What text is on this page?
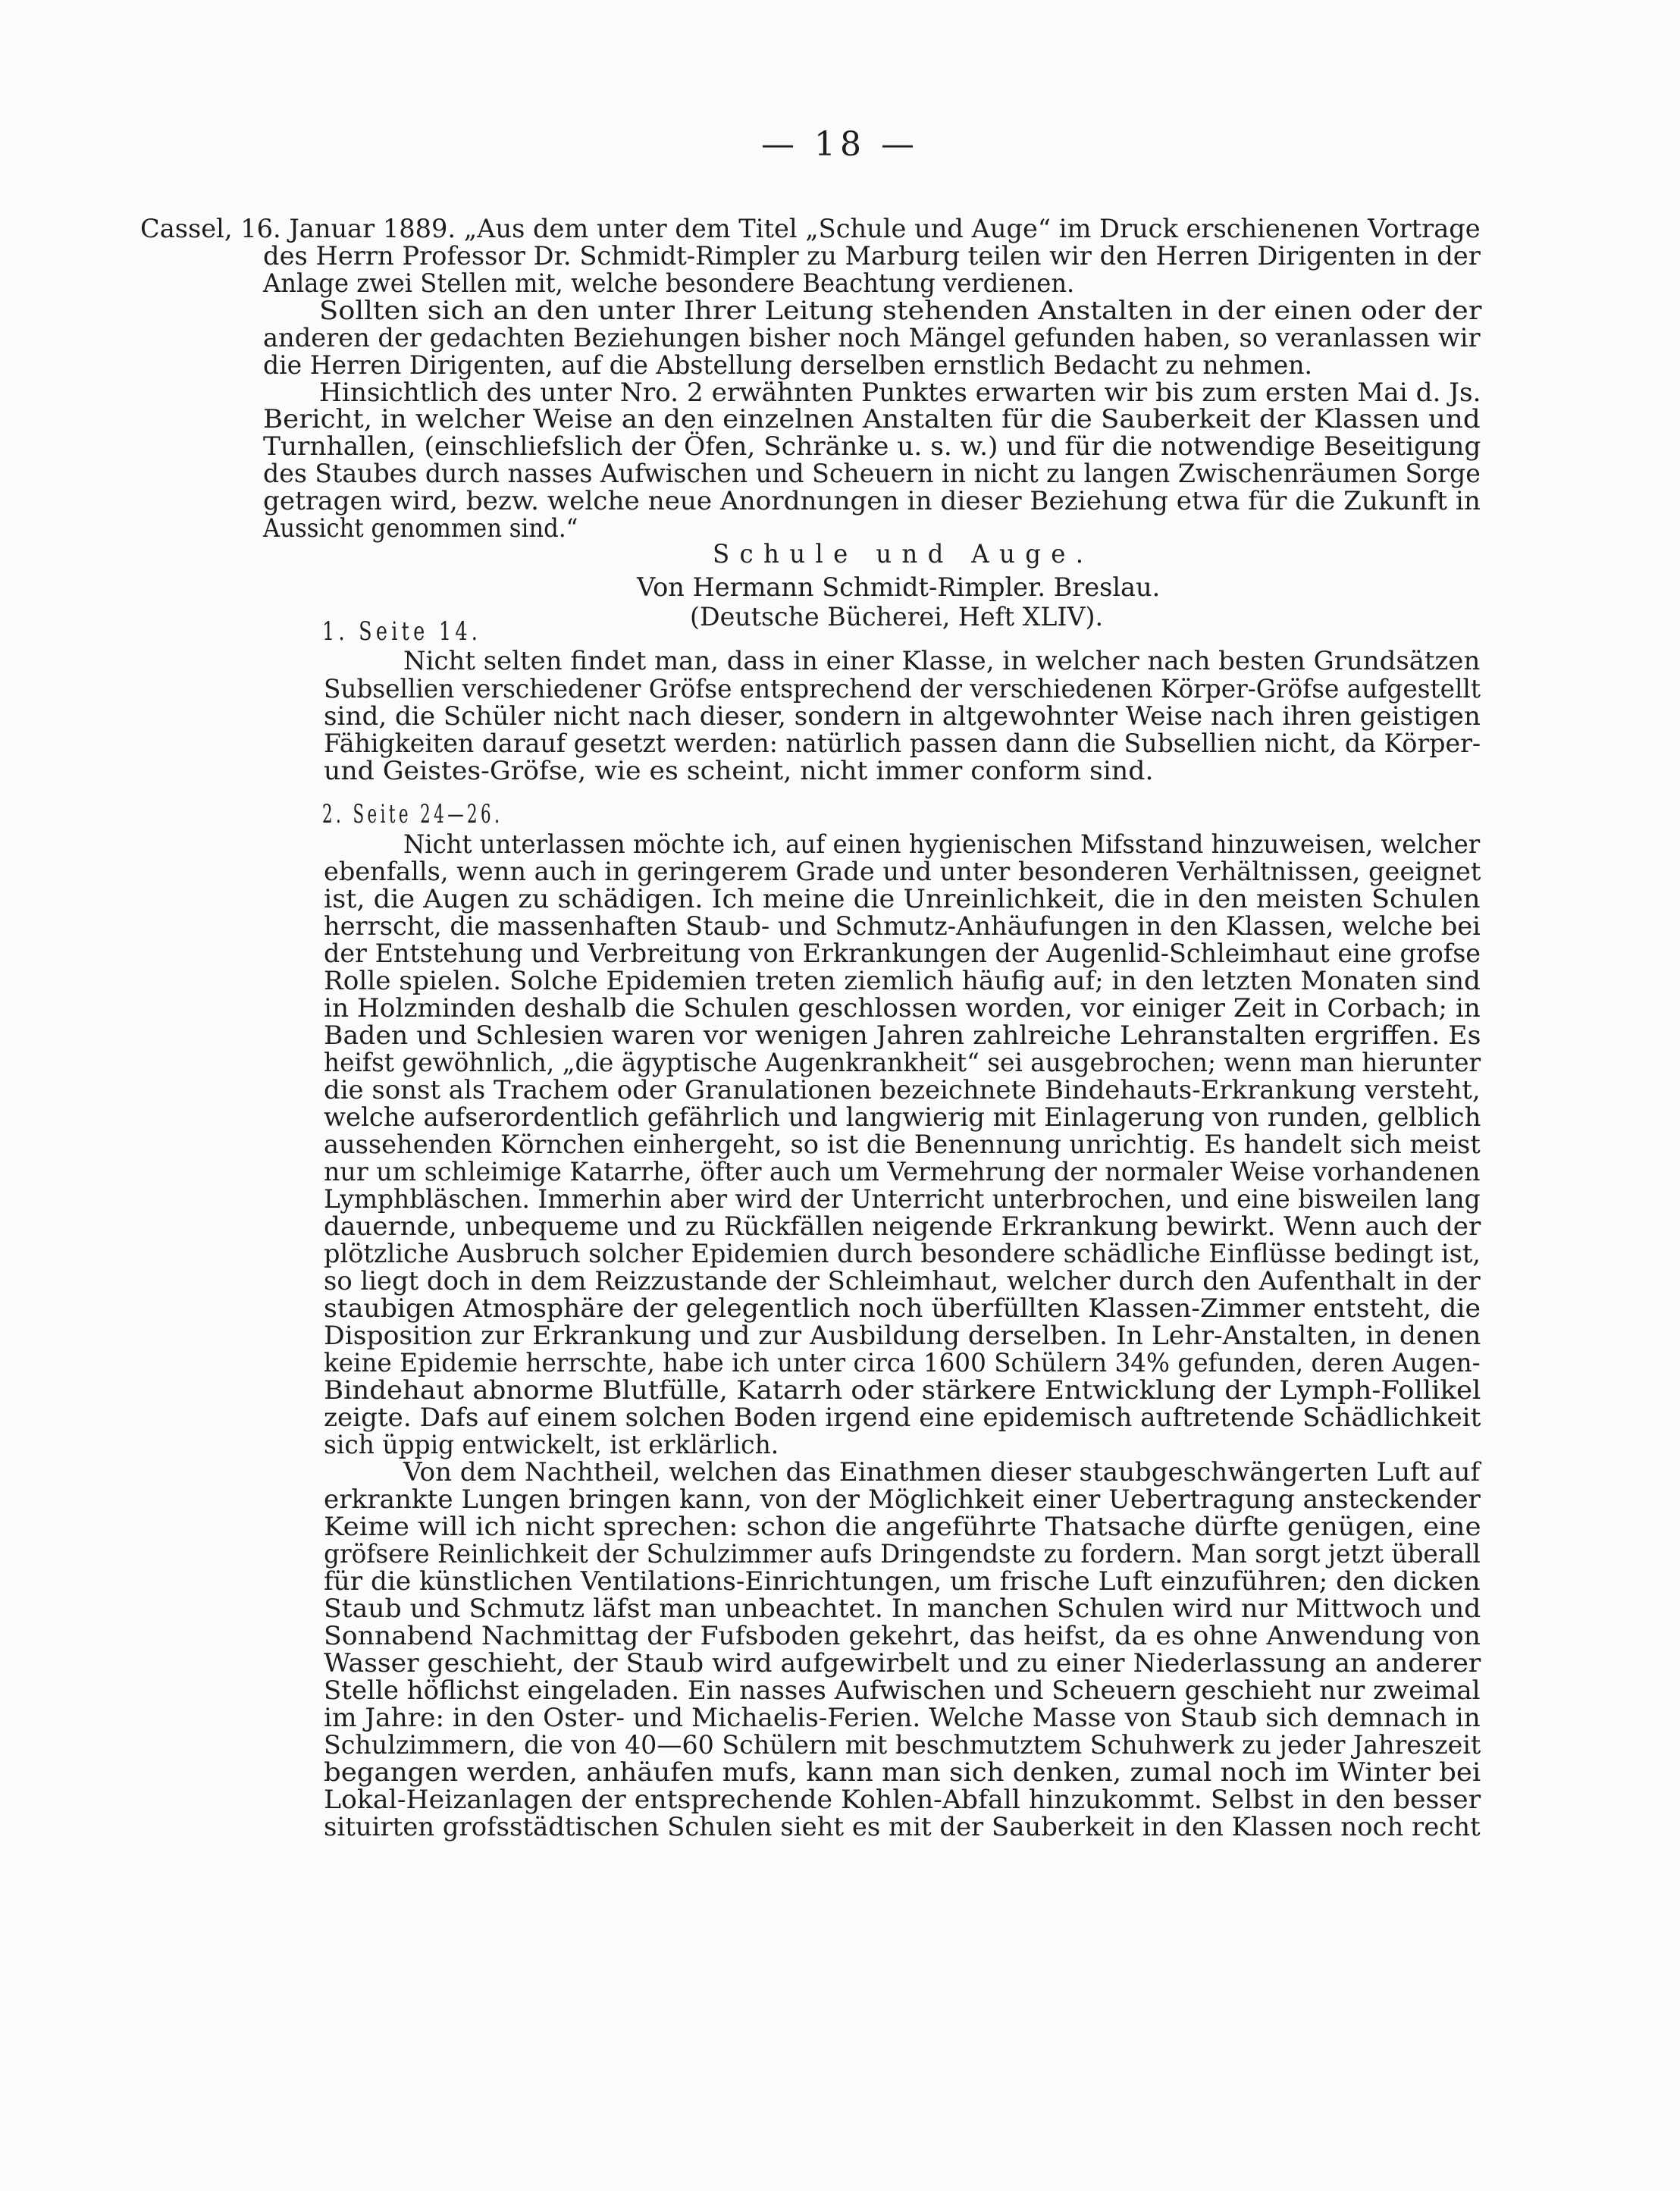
— 18 —
Cassel, 16. Januar 1889. „Aus dem unter dem Titel „Schule und Auge“ im Druck erschienenen Vortrage
des Herrn Professor Dr. Schmidt-Rimpler zu Marburg teilen wir den Herren Dirigenten in der
Anlage zwei Stellen mit, welche besondere Beachtung verdienen.
Sollten sich an den unter Ihrer Leitung stehenden Anstalten in der einen oder der
anderen der gedachten Beziehungen bisher noch Mängel gefunden haben, so veranlassen wir
die Herren Dirigenten, auf die Abstellung derselben ernstlich Bedacht zu nehmen.
Hinsichtlich des unter Nro. 2 erwähnten Punktes erwarten wir bis zum ersten Mai d. Js.
Bericht, in welcher Weise an den einzelnen Anstalten für die Sauberkeit der Klassen und
Turnhallen, (einschliefslich der Öfen, Schränke u. s. w.) und für die notwendige Beseitigung
des Staubes durch nasses Aufwischen und Scheuern in nicht zu langen Zwischenräumen Sorge
getragen wird, bezw. welche neue Anordnungen in dieser Beziehung etwa für die Zukunft in
Aussicht genommen sind.“
Schule und Auge.
Von Hermann Schmidt-Rimpler. Breslau.
1. Seite 14.	(Deutsche Bücherei, Heft XLIV).
Nicht selten findet man, dass in einer Klasse, in welcher nach besten Grundsätzen
Subsellien verschiedener Gröfse entsprechend der verschiedenen Körper-Gröfse aufgestellt
sind, die Schüler nicht nach dieser, sondern in altgewohnter Weise nach ihren geistigen
Fähigkeiten darauf gesetzt werden: natürlich passen dann die Subsellien nicht, da Körper-
und Geistes-Gröfse, wie es scheint, nicht immer conform sind.
2. Seite 24—26.
Nicht unterlassen möchte ich, auf einen hygienischen Mifsstand hinzuweisen, welcher
ebenfalls, wenn auch in geringerem Grade und unter besonderen Verhältnissen, geeignet
ist, die Augen zu schädigen. Ich meine die Unreinlichkeit, die in den meisten Schulen
herrscht, die massenhaften Staub- und Schmutz-Anhäufungen in den Klassen, welche bei
der Entstehung und Verbreitung von Erkrankungen der Augenlid-Schleimhaut eine grofse
Rolle spielen. Solche Epidemien treten ziemlich häufig auf; in den letzten Monaten sind
in Holzminden deshalb die Schulen geschlossen worden, vor einiger Zeit in Corbach; in
Baden und Schlesien waren vor wenigen Jahren zahlreiche Lehranstalten ergriffen. Es
heifst gewöhnlich, „die ägyptische Augenkrankheit“ sei ausgebrochen; wenn man hierunter
die sonst als Trachem oder Granulationen bezeichnete Bindehauts-Erkrankung versteht,
welche aufserordentlich gefährlich und langwierig mit Einlagerung von runden, gelblich
aussehenden Körnchen einhergeht, so ist die Benennung unrichtig. Es handelt sich meist
nur um schleimige Katarrhe, öfter auch um Vermehrung der normaler Weise vorhandenen
Lymphbläschen. Immerhin aber wird der Unterricht unterbrochen, und eine bisweilen lang
dauernde, unbequeme und zu Rückfällen neigende Erkrankung bewirkt. Wenn auch der
plötzliche Ausbruch solcher Epidemien durch besondere schädliche Einflüsse bedingt ist,
so liegt doch in dem Reizzustande der Schleimhaut, welcher durch den Aufenthalt in der
staubigen Atmosphäre der gelegentlich noch überfüllten Klassen-Zimmer entsteht, die
Disposition zur Erkrankung und zur Ausbildung derselben. In Lehr-Anstalten, in denen
keine Epidemie herrschte, habe ich unter circa 1600 Schülern 34% gefunden, deren Augen-
Bindehaut abnorme Blutfülle, Katarrh oder stärkere Entwicklung der Lymph-Follikel
zeigte. Dafs auf einem solchen Boden irgend eine epidemisch auftretende Schädlichkeit
sich üppig entwickelt, ist erklärlich.
Von dem Nachtheil, welchen das Einathmen dieser staubgeschwängerten Luft auf
erkrankte Lungen bringen kann, von der Möglichkeit einer Uebertragung ansteckender
Keime will ich nicht sprechen: schon die angeführte Thatsache dürfte genügen, eine
gröfsere Reinlichkeit der Schulzimmer aufs Dringendste zu fordern. Man sorgt jetzt überall
für die künstlichen Ventilations-Einrichtungen, um frische Luft einzuführen; den dicken
Staub und Schmutz läfst man unbeachtet. In manchen Schulen wird nur Mittwoch und
Sonnabend Nachmittag der Fufsboden gekehrt, das heifst, da es ohne Anwendung von
Wasser geschieht, der Staub wird aufgewirbelt und zu einer Niederlassung an anderer
Stelle höflichst eingeladen. Ein nasses Aufwischen und Scheuern geschieht nur zweimal
im Jahre: in den Oster- und Michaelis-Ferien. Welche Masse von Staub sich demnach in
Schulzimmern, die von 40—60 Schülern mit beschmutztem Schuhwerk zu jeder Jahreszeit
begangen werden, anhäufen mufs, kann man sich denken, zumal noch im Winter bei
Lokal-Heizanlagen der entsprechende Kohlen-Abfall hinzukommt. Selbst in den besser
situirten grofsstädtischen Schulen sieht es mit der Sauberkeit in den Klassen noch recht
